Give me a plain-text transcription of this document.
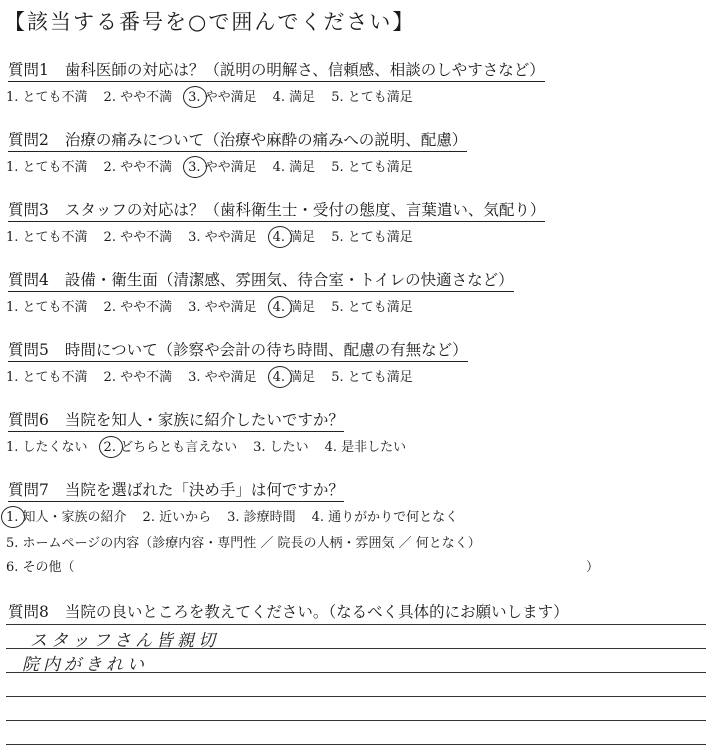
【該当する番号を○で囲んでください】
質問1 歯科医師の対応は？（説明の明解さ、信頼感、相談のしやすさなど）
1. とても不満 2. やや不満 3. やや満足 4. 満足 5. とても満足
質問2 治療の痛みについて（治療や麻酔の痛みへの説明、配慮）
1. とても不満 2. やや不満 3. やや満足 4. 満足 5. とても満足
質問3 スタッフの対応は？（歯科衛生士・受付の態度、言葉遣い、気配り）
1. とても不満 2. やや不満 3. やや満足 4. 満足 5. とても満足
質問4 設備・衛生面（清潔感、雰囲気、待合室・トイレの快適さなど）
1. とても不満 2. やや不満 3. やや満足 4. 満足 5. とても満足
質問5 時間について（診察や会計の待ち時間、配慮の有無など）
1. とても不満 2. やや不満 3. やや満足 4. 満足 5. とても満足
質問6 当院を知人・家族に紹介したいですか？
1. したくない 2. どちらとも言えない 3. したい 4. 是非したい
質問7 当院を選ばれた「決め手」は何ですか？
1. 知人・家族の紹介 2. 近いから 3. 診療時間 4. 通りがかりで何となく
5. ホームページの内容（診療内容・専門性 ／ 院長の人柄・雰囲気 ／ 何となく）
6. その他（	）
質問8 当院の良いところを教えてください。（なるべく具体的にお願いします）
スタッフさん皆親切
院内がきれい
